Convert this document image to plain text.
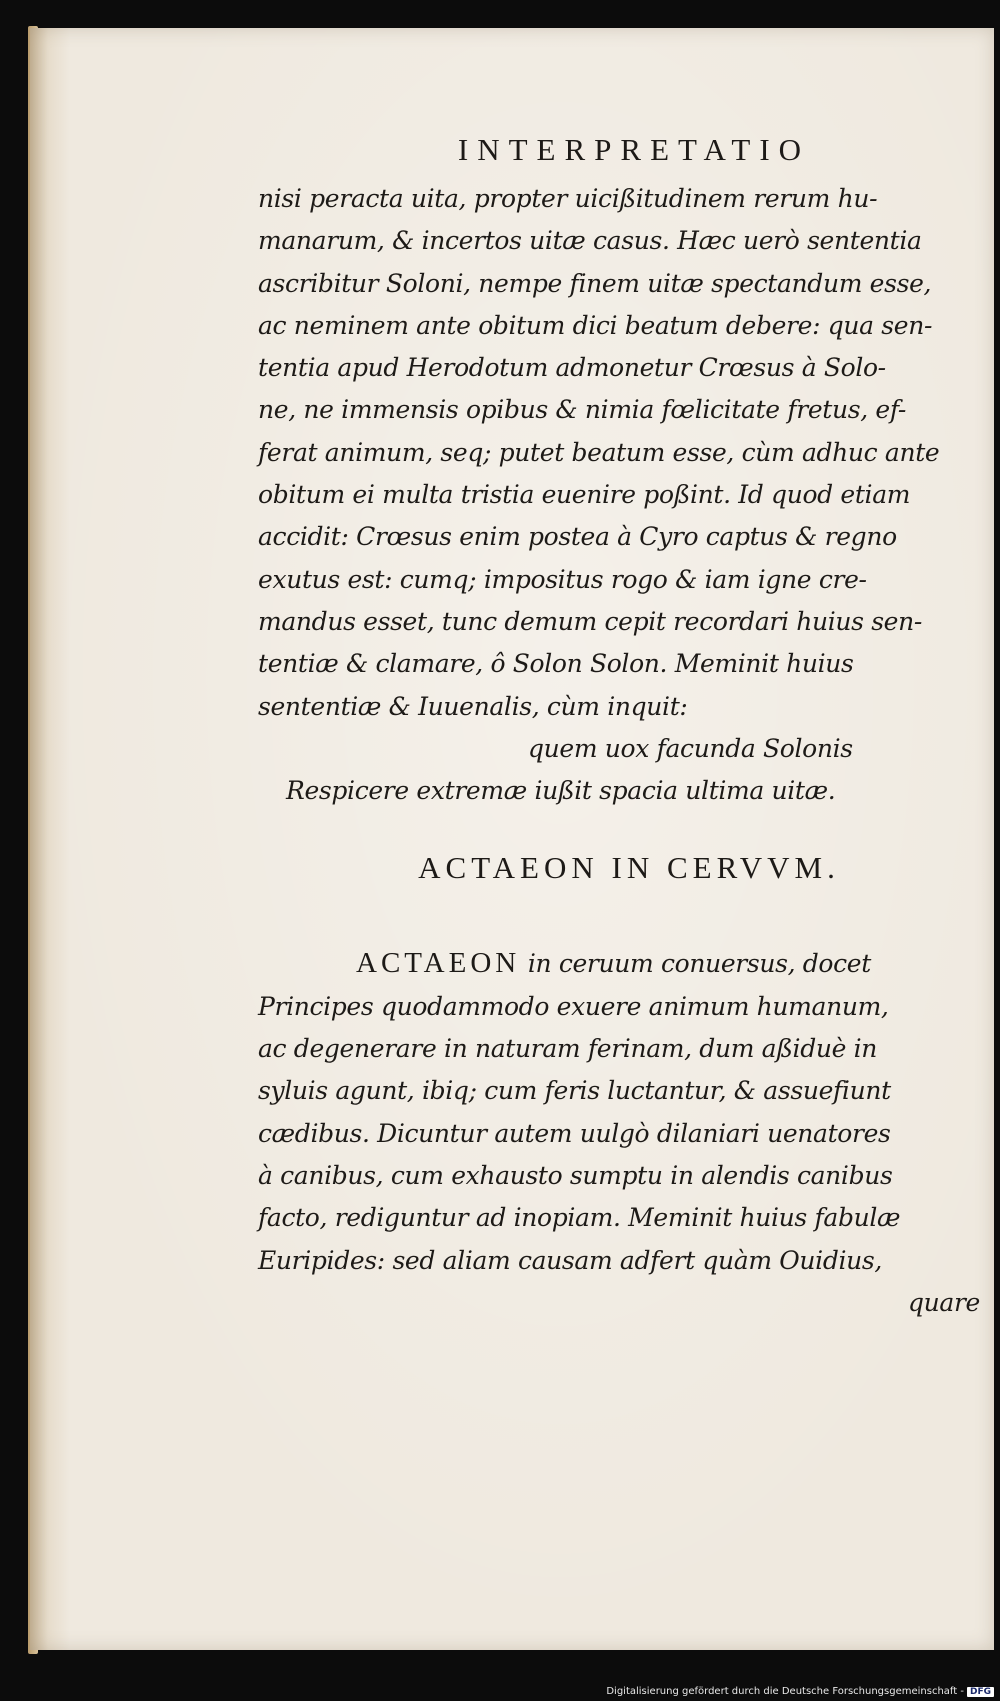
INTERPRETATIO
nisi peracta uita, propter uicißitudinem rerum hu-
manarum, & incertos uitæ casus. Hæc uerò sententia
ascribitur Soloni, nempe finem uitæ spectandum esse,
ac neminem ante obitum dici beatum debere: qua sen-
tentia apud Herodotum admonetur Crœsus à Solo-
ne, ne immensis opibus & nimia fœlicitate fretus, ef-
ferat animum, seq; putet beatum esse, cùm adhuc ante
obitum ei multa tristia euenire poßint. Id quod etiam
accidit: Crœsus enim postea à Cyro captus & regno
exutus est: cumq; impositus rogo & iam igne cre-
mandus esset, tunc demum cepit recordari huius sen-
tentiæ & clamare, ô Solon Solon. Meminit huius
sententiæ & Iuuenalis, cùm inquit:
quem uox facunda Solonis
Respicere extremæ iußit spacia ultima uitæ.
ACTAEON IN CERVVM.
ACTAEON in ceruum conuersus, docet
Principes quodammodo exuere animum humanum,
ac degenerare in naturam ferinam, dum aßiduè in
syluis agunt, ibiq; cum feris luctantur, & assuefiunt
cædibus. Dicuntur autem uulgò dilaniari uenatores
à canibus, cum exhausto sumptu in alendis canibus
facto, rediguntur ad inopiam. Meminit huius fabulæ
Euripides: sed aliam causam adfert quàm Ouidius,
quare
Digitalisierung gefördert durch die Deutsche Forschungsgemeinschaft - DFG
